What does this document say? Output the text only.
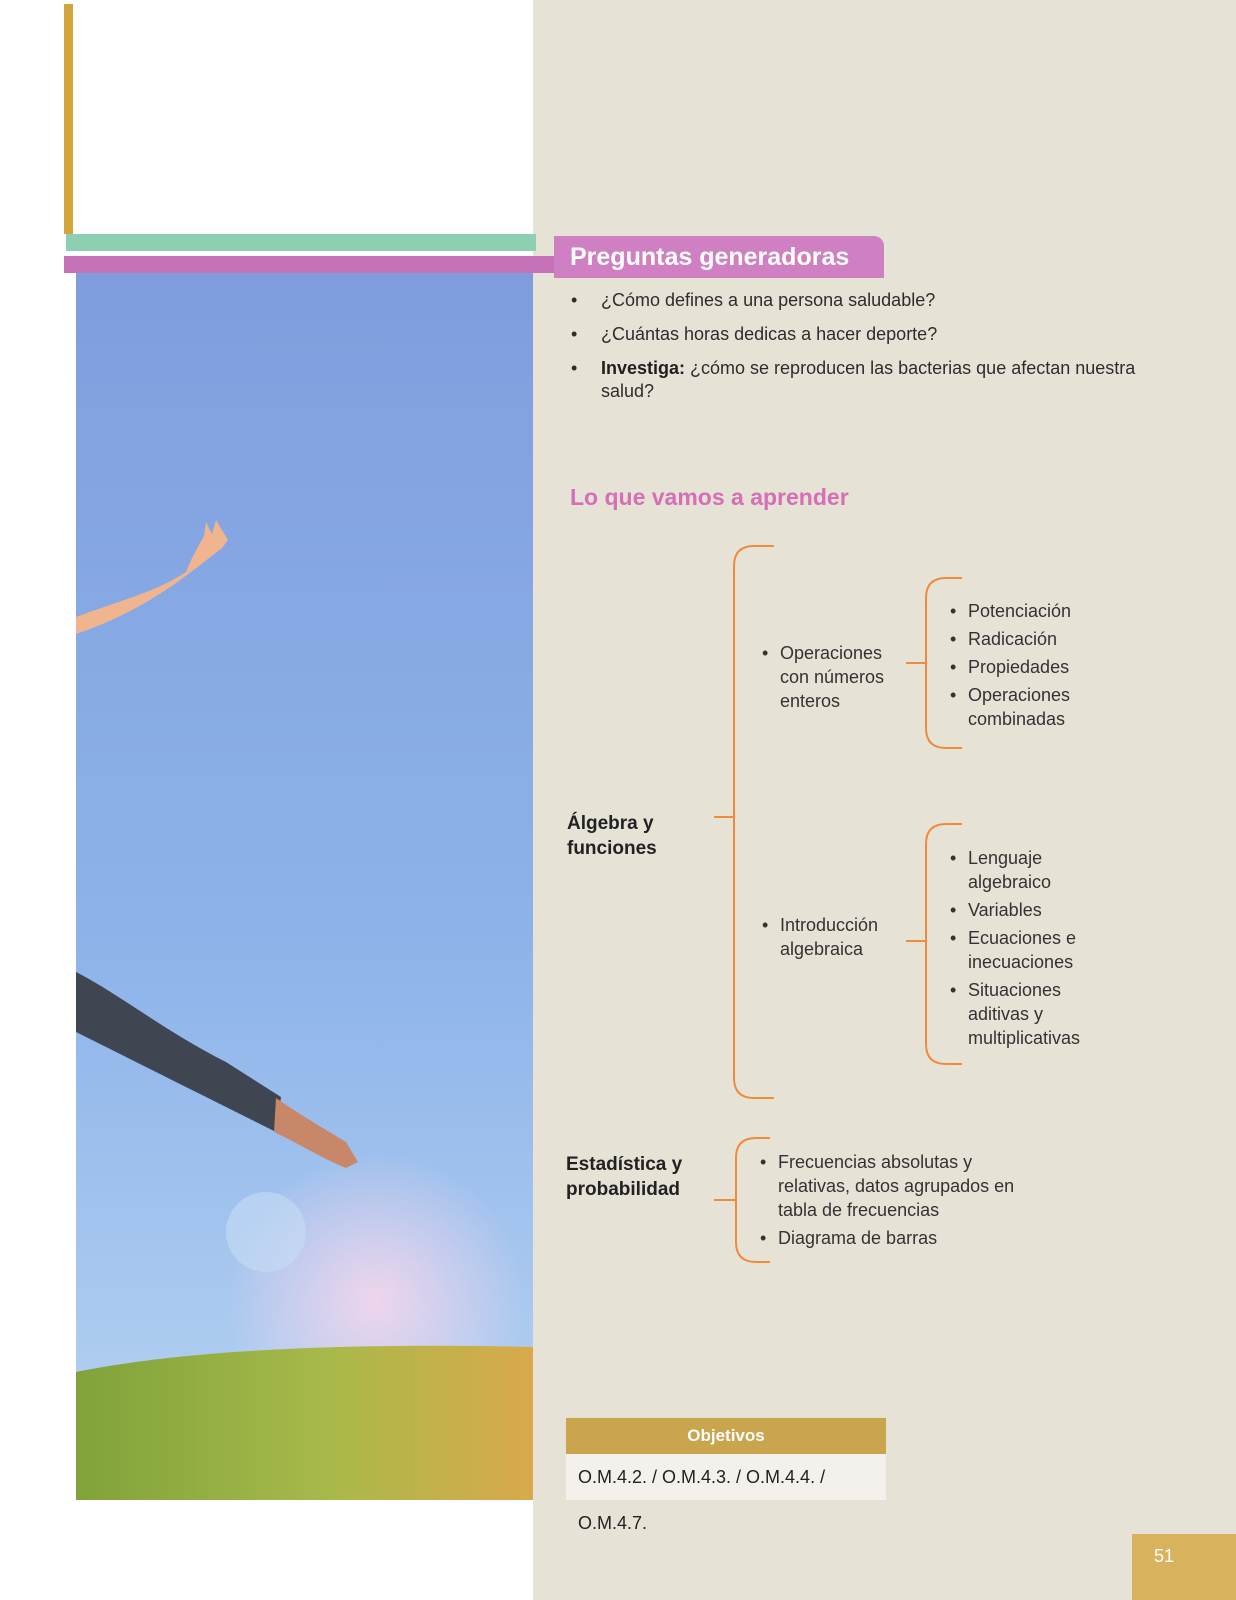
Preguntas generadoras
• ¿Cómo defines a una persona saludable?
• ¿Cuántas horas dedicas a hacer deporte?
• Investiga: ¿cómo se reproducen las bacterias que afectan nuestra salud?
Lo que vamos a aprender
Álgebra y funciones
• Operaciones con números enteros
• Potenciación
• Radicación
• Propiedades
• Operaciones combinadas
• Introducción algebraica
• Lenguaje algebraico
• Variables
• Ecuaciones e inecuaciones
• Situaciones aditivas y multiplicativas
Estadística y probabilidad
• Frecuencias absolutas y relativas, datos agrupados en tabla de frecuencias
• Diagrama de barras
Objetivos
O.M.4.2. / O.M.4.3. / O.M.4.4. / O.M.4.7.
51
